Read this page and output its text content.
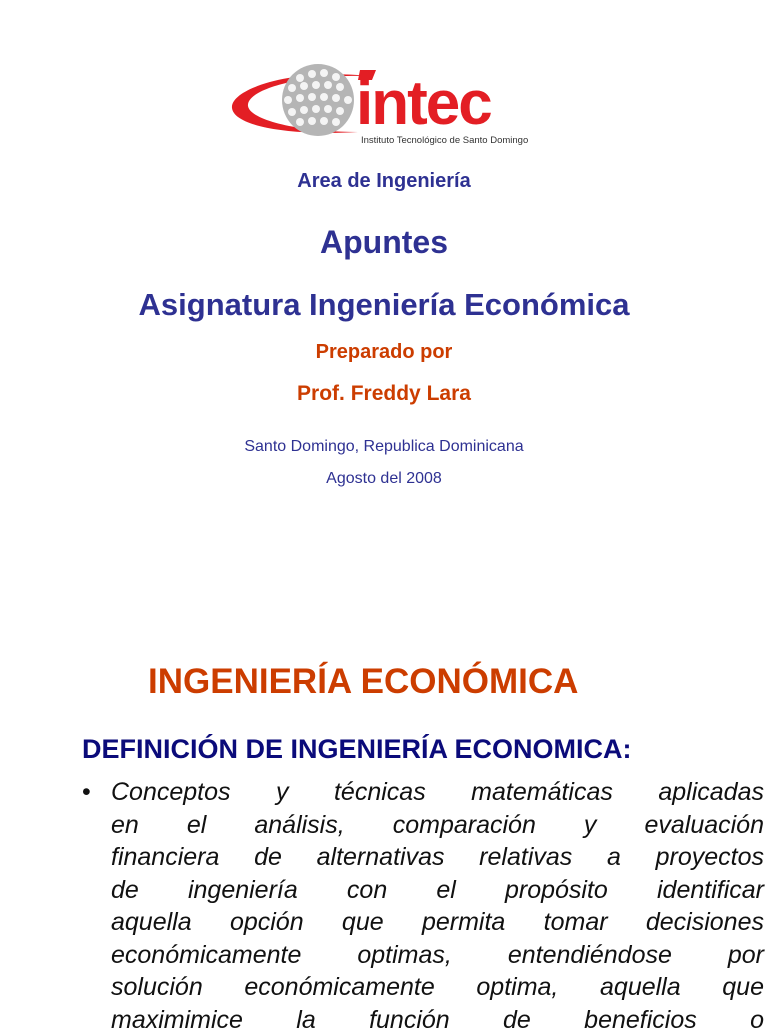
intec
Instituto Tecnológico de Santo Domingo
Area de Ingeniería
Apuntes
Asignatura Ingeniería Económica
Preparado por
Prof. Freddy Lara
Santo Domingo, Republica Dominicana
Agosto del 2008
INGENIERÍA ECONÓMICA
DEFINICIÓN DE INGENIERÍA ECONOMICA:
• Conceptos y técnicas matemáticas aplicadas
en el análisis, comparación y evaluación
financiera de alternativas relativas a proyectos
de ingeniería con el propósito identificar
aquella opción que permita tomar decisiones
económicamente optimas, entendiéndose por
solución económicamente optima, aquella que
maximimice la función de beneficios o
